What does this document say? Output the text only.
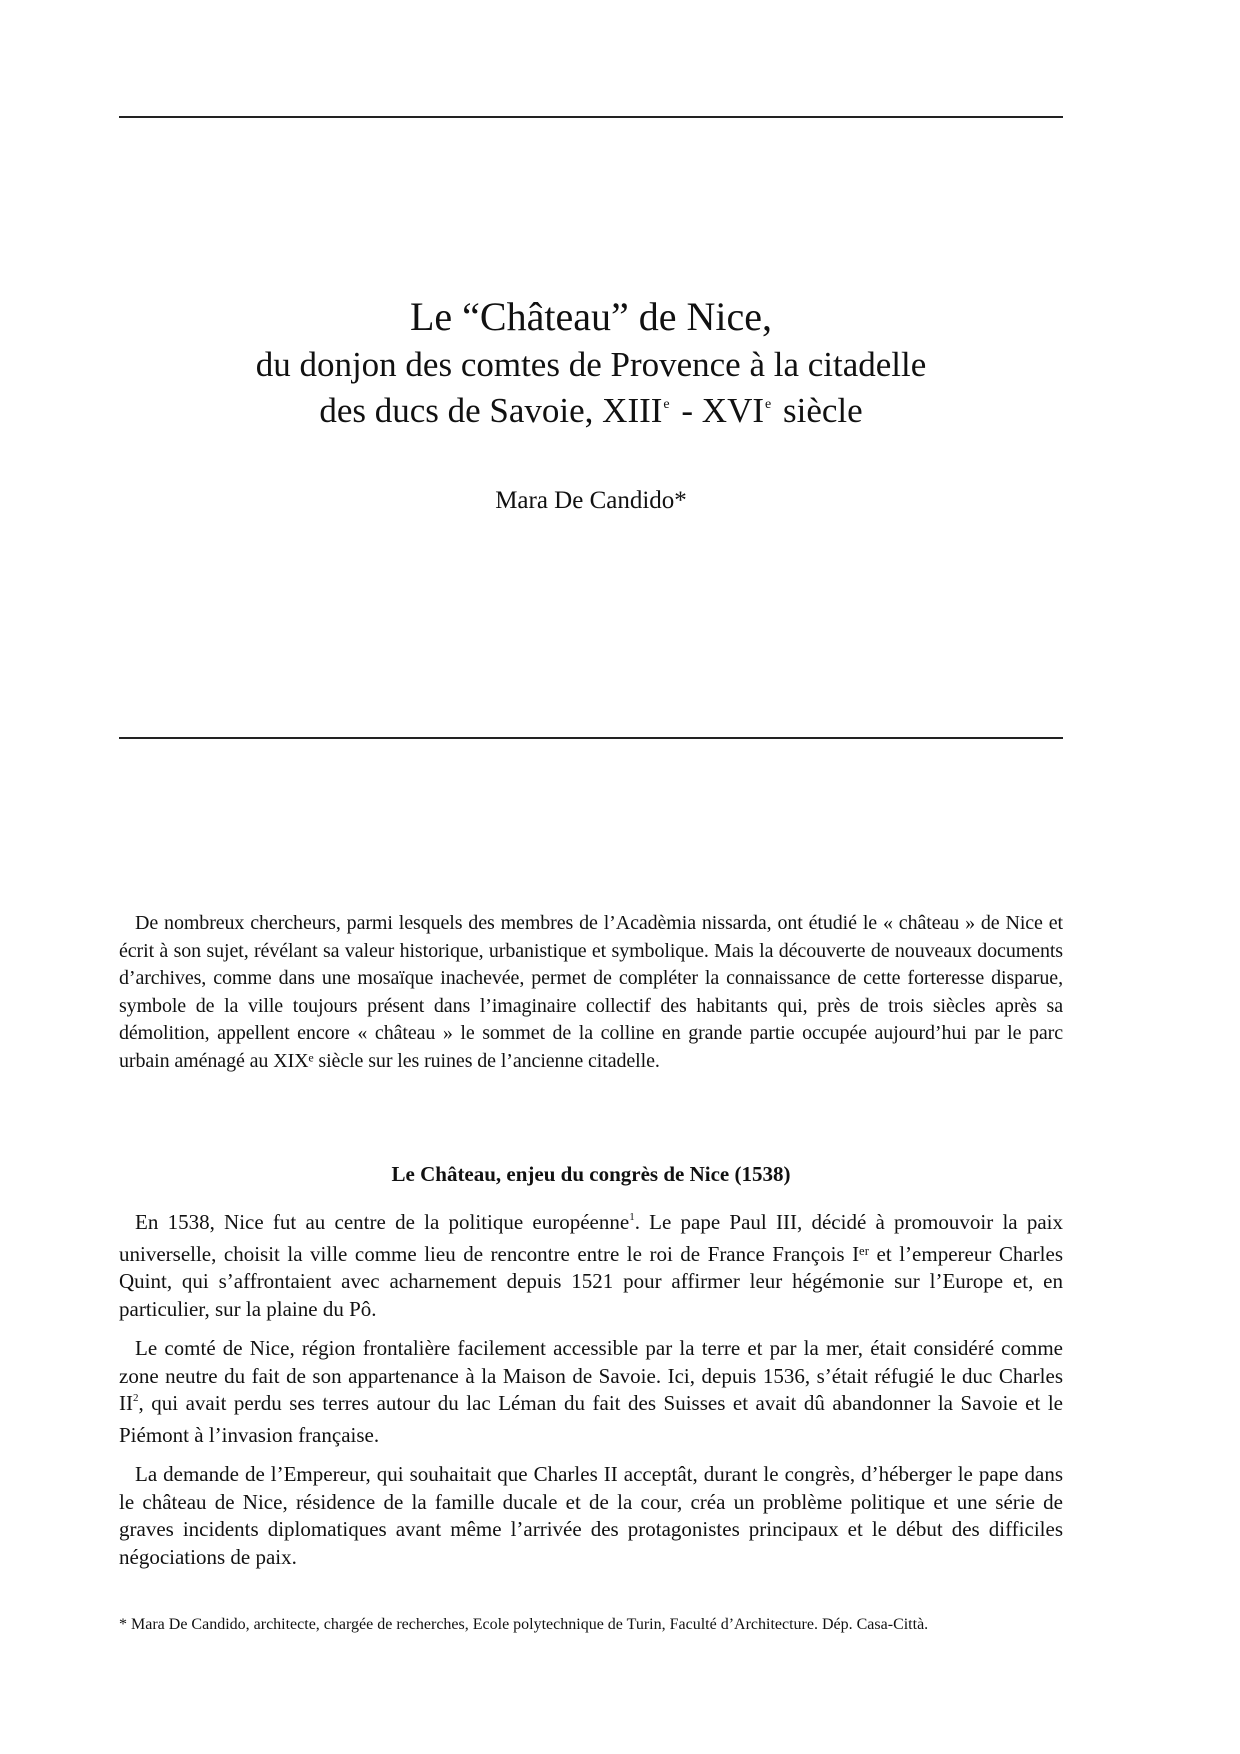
Le “Château” de Nice,
du donjon des comtes de Provence à la citadelle
des ducs de Savoie, XIIIe - XVIe siècle
Mara De Candido*

De nombreux chercheurs, parmi lesquels des membres de l’Acadèmia nissarda, ont étudié le « château » de Nice et écrit à son sujet, révélant sa valeur historique, urbanistique et symbolique. Mais la découverte de nouveaux documents d’archives, comme dans une mosaïque inachevée, permet de compléter la connaissance de cette forteresse disparue, symbole de la ville toujours présent dans l’imaginaire collectif des habitants qui, près de trois siècles après sa démolition, appellent encore « château » le sommet de la colline en grande partie occupée aujourd’hui par le parc urbain aménagé au XIXᵉ siècle sur les ruines de l’ancienne citadelle.

Le Château, enjeu du congrès de Nice (1538)

En 1538, Nice fut au centre de la politique européenne$^1$. Le pape Paul III, décidé à promouvoir la paix universelle, choisit la ville comme lieu de rencontre entre le roi de France François Iᵉʳ et l’empereur Charles Quint, qui s’affrontaient avec acharnement depuis 1521 pour affirmer leur hégémonie sur l’Europe et, en particulier, sur la plaine du Pô.

Le comté de Nice, région frontalière facilement accessible par la terre et par la mer, était considéré comme zone neutre du fait de son appartenance à la Maison de Savoie. Ici, depuis 1536, s’était réfugié le duc Charles II$^2$, qui avait perdu ses terres autour du lac Léman du fait des Suisses et avait dû abandonner la Savoie et le Piémont à l’invasion française.

La demande de l’Empereur, qui souhaitait que Charles II acceptât, durant le congrès, d’héberger le pape dans le château de Nice, résidence de la famille ducale et de la cour, créa un problème politique et une série de graves incidents diplomatiques avant même l’arrivée des protagonistes principaux et le début des difficiles négociations de paix.

* Mara De Candido, architecte, chargée de recherches, Ecole polytechnique de Turin, Faculté d’Architecture. Dép. Casa-Città.
